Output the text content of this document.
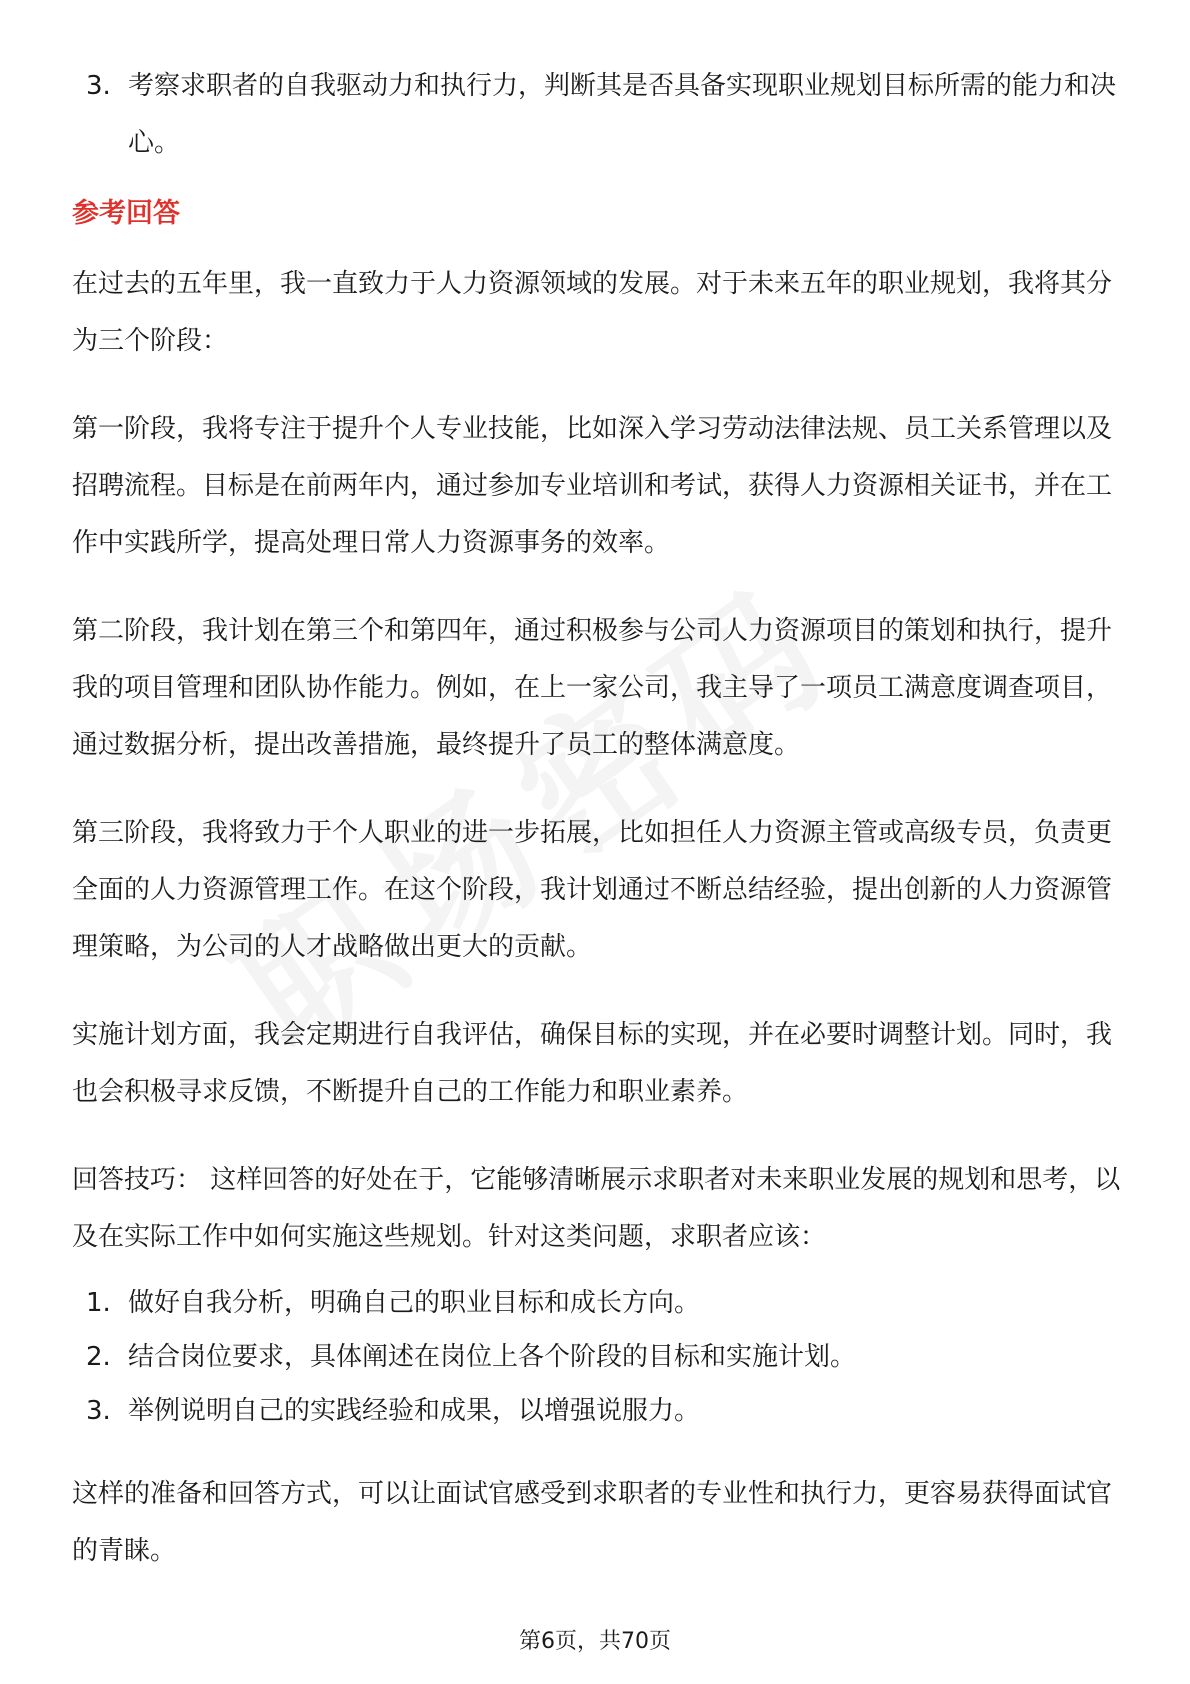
3. 考察求职者的自我驱动力和执行力，判断其是否具备实现职业规划目标所需的能力和决心。
参考回答

在过去的五年里，我一直致力于人力资源领域的发展。对于未来五年的职业规划，我将其分为三个阶段：

第一阶段，我将专注于提升个人专业技能，比如深入学习劳动法律法规、员工关系管理以及招聘流程。目标是在前两年内，通过参加专业培训和考试，获得人力资源相关证书，并在工作中实践所学，提高处理日常人力资源事务的效率。

第二阶段，我计划在第三个和第四年，通过积极参与公司人力资源项目的策划和执行，提升我的项目管理和团队协作能力。例如，在上一家公司，我主导了一项员工满意度调查项目，通过数据分析，提出改善措施，最终提升了员工的整体满意度。

第三阶段，我将致力于个人职业的进一步拓展，比如担任人力资源主管或高级专员，负责更全面的人力资源管理工作。在这个阶段，我计划通过不断总结经验，提出创新的人力资源管理策略，为公司的人才战略做出更大的贡献。

实施计划方面，我会定期进行自我评估，确保目标的实现，并在必要时调整计划。同时，我也会积极寻求反馈，不断提升自己的工作能力和职业素养。

回答技巧： 这样回答的好处在于，它能够清晰展示求职者对未来职业发展的规划和思考，以及在实际工作中如何实施这些规划。针对这类问题，求职者应该：

1. 做好自我分析，明确自己的职业目标和成长方向。
2. 结合岗位要求，具体阐述在岗位上各个阶段的目标和实施计划。
3. 举例说明自己的实践经验和成果，以增强说服力。

这样的准备和回答方式，可以让面试官感受到求职者的专业性和执行力，更容易获得面试官的青睐。

第6页，共70页
